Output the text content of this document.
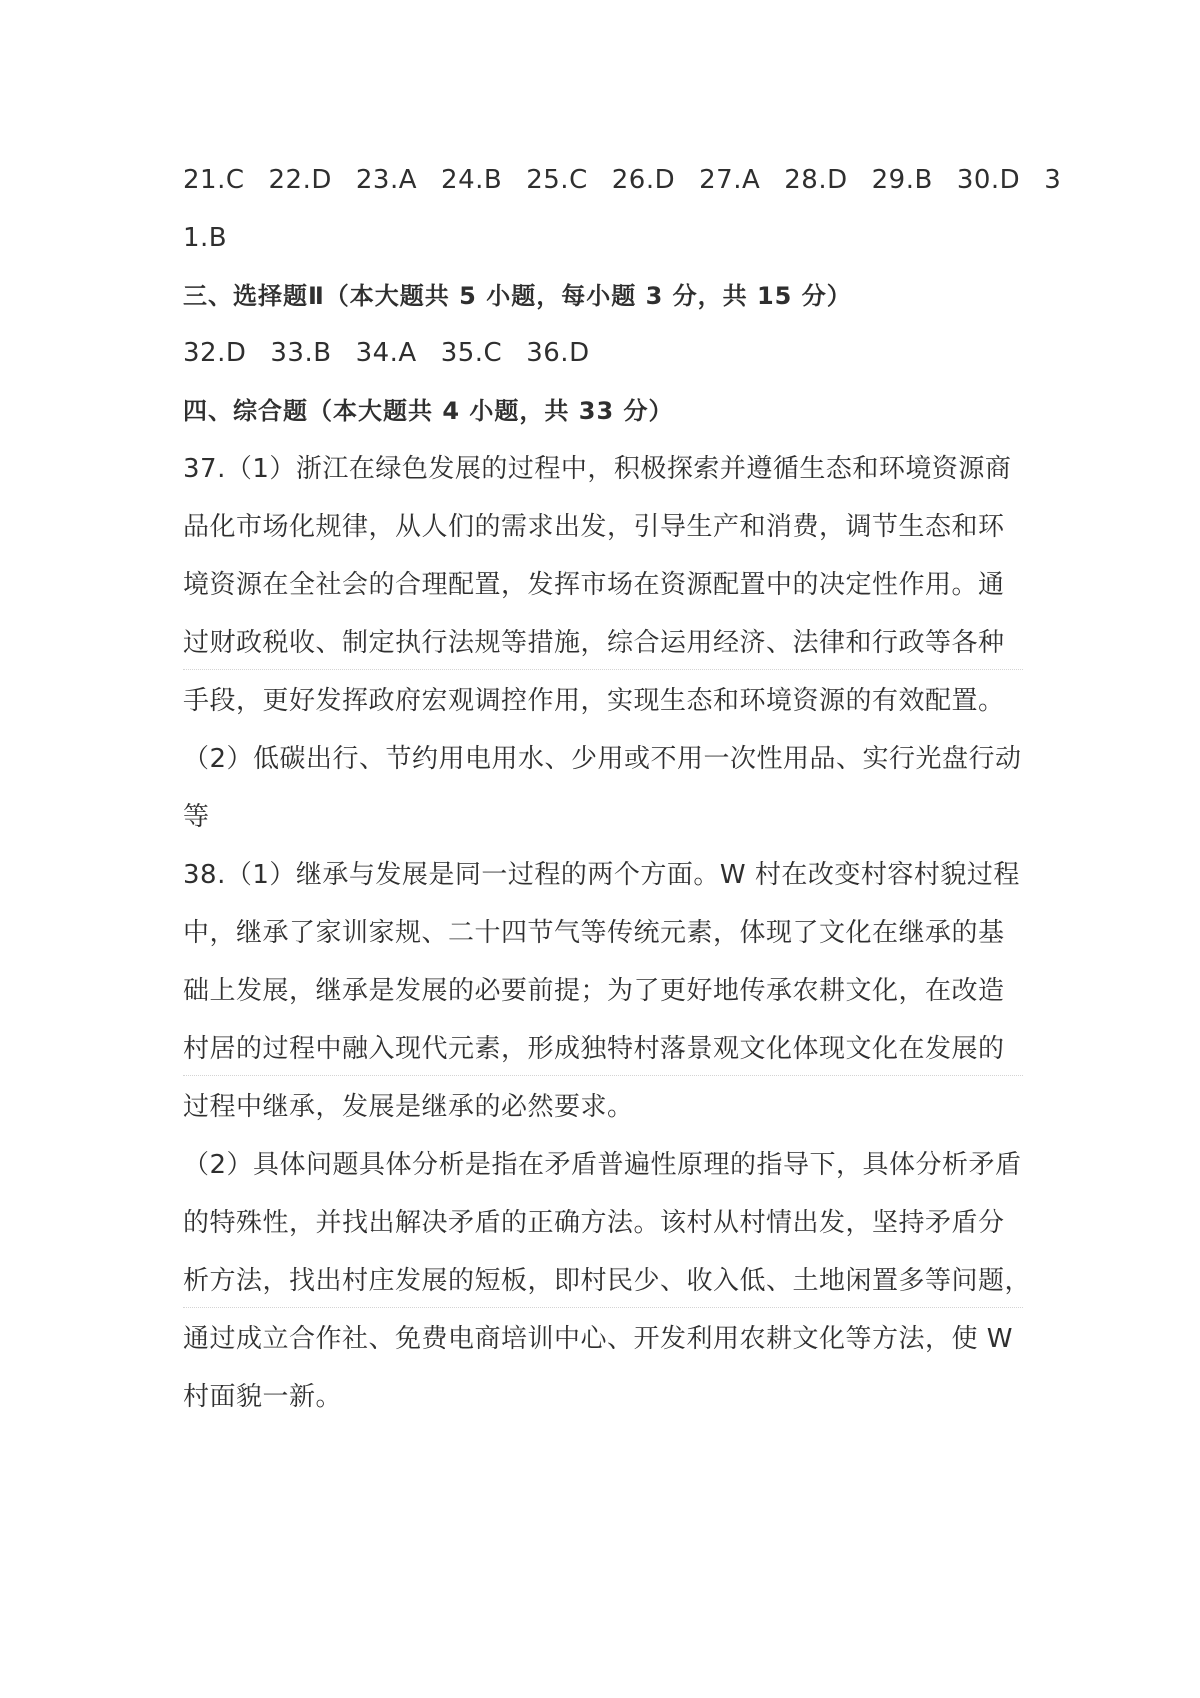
21.C 22.D 23.A 24.B 25.C 26.D 27.A 28.D 29.B 30.D 3
1.B
三、选择题Ⅱ（本大题共 5 小题，每小题 3 分，共 15 分）
32.D 33.B 34.A 35.C 36.D
四、综合题（本大题共 4 小题，共 33 分）
37.（1）浙江在绿色发展的过程中，积极探索并遵循生态和环境资源商
品化市场化规律，从人们的需求出发，引导生产和消费，调节生态和环
境资源在全社会的合理配置，发挥市场在资源配置中的决定性作用。通
过财政税收、制定执行法规等措施，综合运用经济、法律和行政等各种
手段，更好发挥政府宏观调控作用，实现生态和环境资源的有效配置。
（2）低碳出行、节约用电用水、少用或不用一次性用品、实行光盘行动
等
38.（1）继承与发展是同一过程的两个方面。W 村在改变村容村貌过程
中，继承了家训家规、二十四节气等传统元素，体现了文化在继承的基
础上发展，继承是发展的必要前提；为了更好地传承农耕文化，在改造
村居的过程中融入现代元素，形成独特村落景观文化体现文化在发展的
过程中继承，发展是继承的必然要求。
（2）具体问题具体分析是指在矛盾普遍性原理的指导下，具体分析矛盾
的特殊性，并找出解决矛盾的正确方法。该村从村情出发，坚持矛盾分
析方法，找出村庄发展的短板，即村民少、收入低、土地闲置多等问题，
通过成立合作社、免费电商培训中心、开发利用农耕文化等方法，使 W
村面貌一新。
